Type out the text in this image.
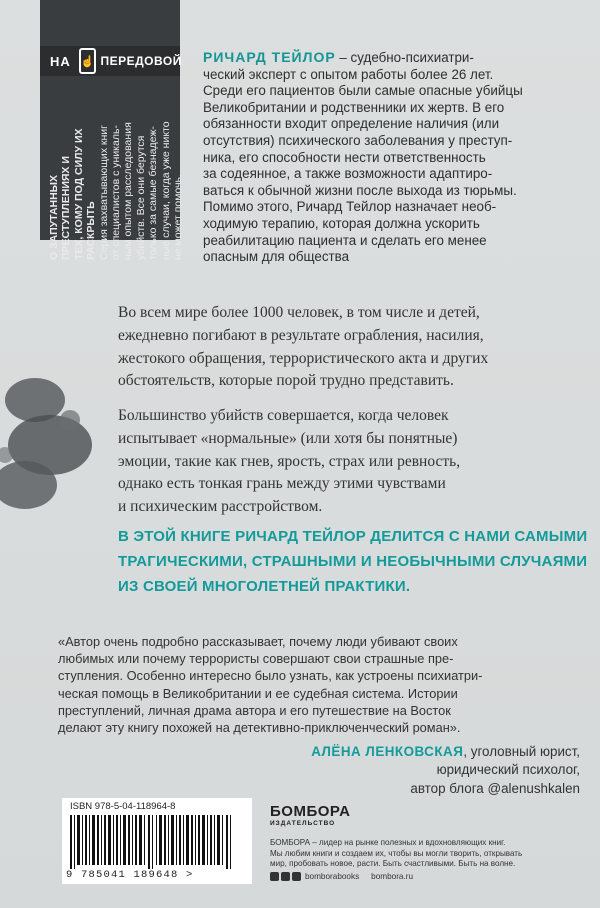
НА ☝ ПЕРЕДОВОЙ
О ЗАПУТАННЫХ ПРЕСТУПЛЕНИЯХ И ТЕХ, КОМУ ПОД СИЛУ ИХ РАСКРЫТЬ Серия захватывающих книг от специалистов с уникаль- ным опытом расследования убийств. Все они берутся только за самые безнадеж- ные случаи, когда уже никто не может помочь.
РИЧАРД ТЕЙЛОР – судебно-психиатри-
ческий эксперт с опытом работы более 26 лет.
Среди его пациентов были самые опасные убийцы
Великобритании и родственники их жертв. В его
обязанности входит определение наличия (или
отсутствия) психического заболевания у преступ-
ника, его способности нести ответственность
за содеянное, а также возможности адаптиро-
ваться к обычной жизни после выхода из тюрьмы.
Помимо этого, Ричард Тейлор назначает необ-
ходимую терапию, которая должна ускорить
реабилитацию пациента и сделать его менее
опасным для общества
Во всем мире более 1000 человек, в том числе и детей,
ежедневно погибают в результате ограбления, насилия,
жестокого обращения, террористического акта и других
обстоятельств, которые порой трудно представить.
Большинство убийств совершается, когда человек
испытывает «нормальные» (или хотя бы понятные)
эмоции, такие как гнев, ярость, страх или ревность,
однако есть тонкая грань между этими чувствами
и психическим расстройством.
В ЭТОЙ КНИГЕ РИЧАРД ТЕЙЛОР ДЕЛИТСЯ С НАМИ САМЫМИ
ТРАГИЧЕСКИМИ, СТРАШНЫМИ И НЕОБЫЧНЫМИ СЛУЧАЯМИ
ИЗ СВОЕЙ МНОГОЛЕТНЕЙ ПРАКТИКИ.
«Автор очень подробно рассказывает, почему люди убивают своих
любимых или почему террористы совершают свои страшные пре-
ступления. Особенно интересно было узнать, как устроены психиатри-
ческая помощь в Великобритании и ее судебная система. Истории
преступлений, личная драма автора и его путешествие на Восток
делают эту книгу похожей на детективно-приключенческий роман».
АЛЁНА ЛЕНКОВСКАЯ, уголовный юрист,
юридический психолог,
автор блога @alenushkalen
ISBN 978-5-04-118964-8
9 785041 189648 >
БОМБОРА
ИЗДАТЕЛЬСТВО
БОМБОРА – лидер на рынке полезных и вдохновляющих книг.
Мы любим книги и создаем их, чтобы вы могли творить, открывать
мир, пробовать новое, расти. Быть счастливыми. Быть на волне.
bomborabooks bombora.ru
